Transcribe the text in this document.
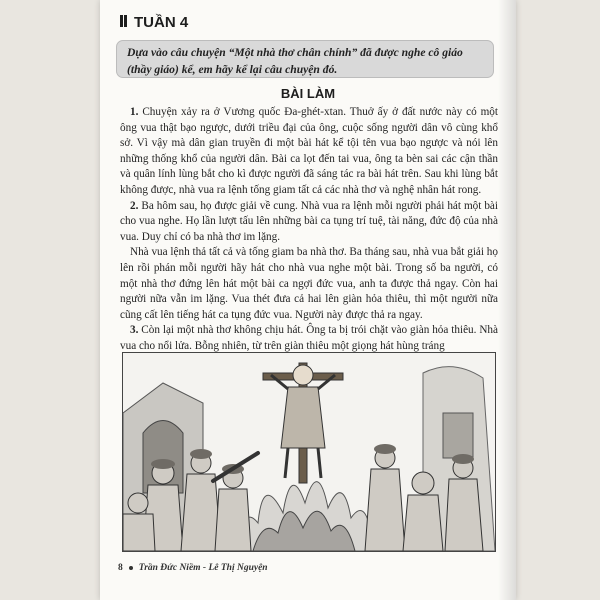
TUẦN 4
Dựa vào câu chuyện “Một nhà thơ chân chính” đã được nghe cô giáo (thầy giáo) kể, em hãy kể lại câu chuyện đó.
BÀI LÀM

1. Chuyện xảy ra ở Vương quốc Đa-ghét-xtan. Thuở ấy ở đất nước này có một ông vua thật bạo ngược, dưới triều đại của ông, cuộc sống người dân vô cùng khổ sở. Vì vậy mà dân gian truyền đi một bài hát kể tội tên vua bạo ngược và nói lên những thống khổ của người dân. Bài ca lọt đến tai vua, ông ta bèn sai các cận thần và quân lính lùng bắt cho kì được người đã sáng tác ra bài hát trên. Sau khi lùng bắt không được, nhà vua ra lệnh tống giam tất cả các nhà thơ và nghệ nhân hát rong.

2. Ba hôm sau, họ được giải về cung. Nhà vua ra lệnh mỗi người phải hát một bài cho vua nghe. Họ lần lượt tấu lên những bài ca tụng trí tuệ, tài năng, đức độ của nhà vua. Duy chỉ có ba nhà thơ im lặng.

Nhà vua lệnh thả tất cả và tống giam ba nhà thơ. Ba tháng sau, nhà vua bắt giải họ lên rồi phán mỗi người hãy hát cho nhà vua nghe một bài. Trong số ba người, có một nhà thơ đứng lên hát một bài ca ngợi đức vua, anh ta được thả ngay. Còn hai người nữa vẫn im lặng. Vua thét đưa cả hai lên giàn hỏa thiêu, thì một người nữa cũng cất lên tiếng hát ca tụng đức vua. Người này được thả ra ngay.

3. Còn lại một nhà thơ không chịu hát. Ông ta bị trói chặt vào giàn hỏa thiêu. Nhà vua cho nổi lửa. Bỗng nhiên, từ trên giàn thiêu một giọng hát hùng tráng

8 Trần Đức Niềm - Lê Thị Nguyện
